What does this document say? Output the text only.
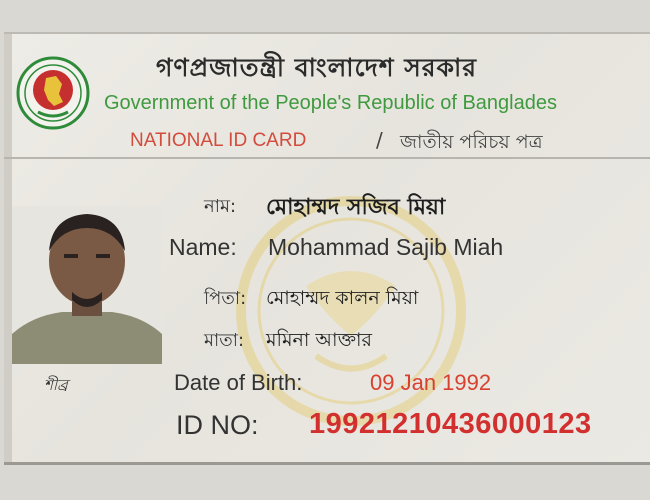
গণপ্রজাতন্ত্রী বাংলাদেশ সরকার
Government of the People's Republic of Banglades
NATIONAL ID CARD	/ জাতীয় পরিচয় পত্র
শীব্র
নাম: মোহাম্মদ সজিব মিয়া
Name: Mohammad Sajib Miah
পিতা: মোহাম্মদ কালন মিয়া
মাতা: মমিনা আক্তার
Date of Birth:	09 Jan 1992
ID NO: 19921210436000123
